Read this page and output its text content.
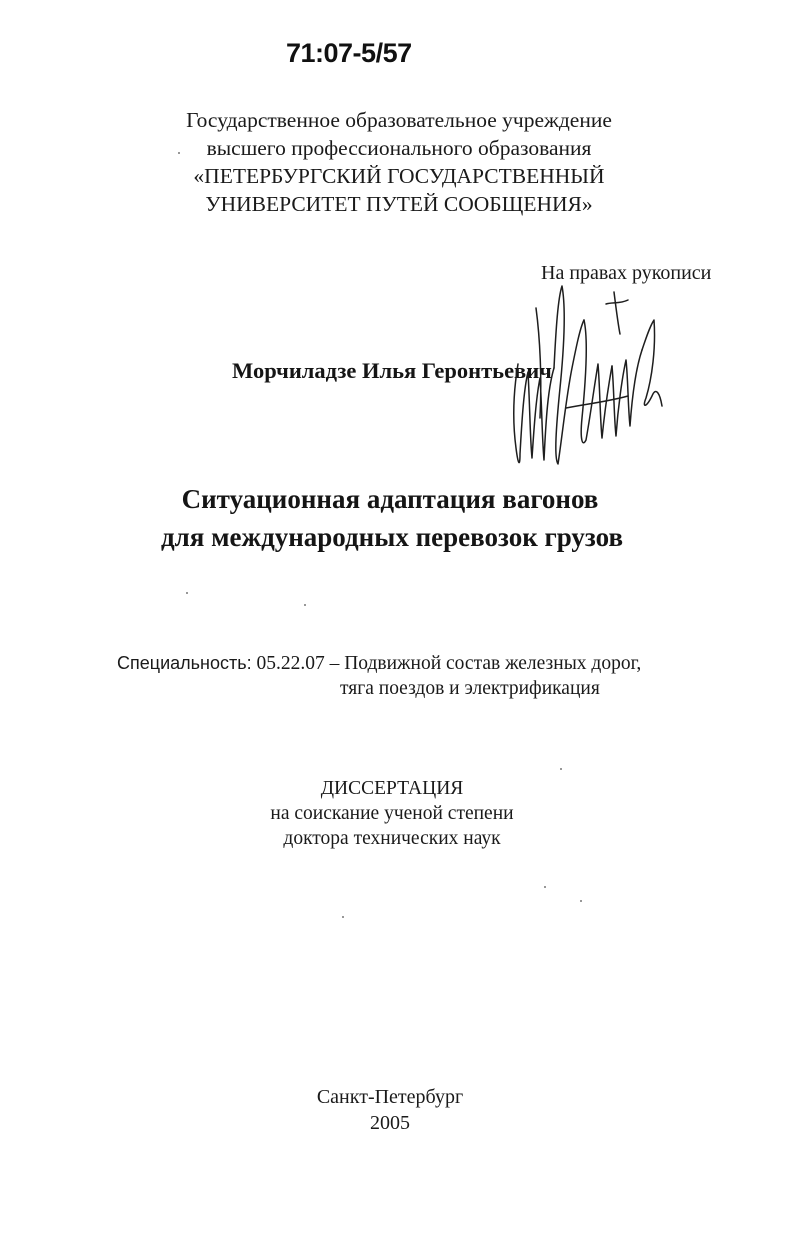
71:07-5/57
Государственное образовательное учреждение
высшего профессионального образования
«ПЕТЕРБУРГСКИЙ ГОСУДАРСТВЕННЫЙ
УНИВЕРСИТЕТ ПУТЕЙ СООБЩЕНИЯ»
На правах рукописи
Морчиладзе Илья Геронтьевич
Ситуационная адаптация вагонов
для международных перевозок грузов
Специальность: 05.22.07 – Подвижной состав железных дорог,
тяга поездов и электрификация
ДИССЕРТАЦИЯ
на соискание ученой степени
доктора технических наук
Санкт-Петербург
2005
